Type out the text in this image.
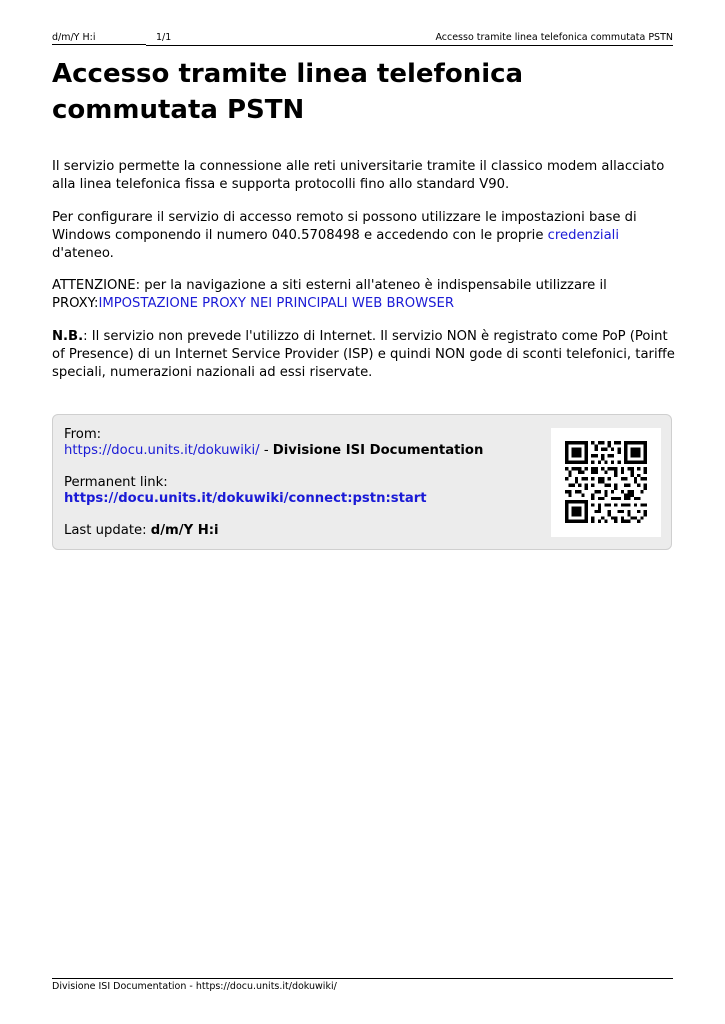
d/m/Y H:i	1/1	Accesso tramite linea telefonica commutata PSTN
Accesso tramite linea telefonica commutata PSTN

Il servizio permette la connessione alle reti universitarie tramite il classico modem allacciato alla linea telefonica fissa e supporta protocolli fino allo standard V90.

Per configurare il servizio di accesso remoto si possono utilizzare le impostazioni base di Windows componendo il numero 040.5708498 e accedendo con le proprie credenziali d'ateneo.

ATTENZIONE: per la navigazione a siti esterni all'ateneo è indispensabile utilizzare il PROXY:IMPOSTAZIONE PROXY NEI PRINCIPALI WEB BROWSER

N.B.: Il servizio non prevede l'utilizzo di Internet. Il servizio NON è registrato come PoP (Point of Presence) di un Internet Service Provider (ISP) e quindi NON gode di sconti telefonici, tariffe speciali, numerazioni nazionali ad essi riservate.

From:
https://docu.units.it/dokuwiki/ - Divisione ISI Documentation

Permanent link:
https://docu.units.it/dokuwiki/connect:pstn:start

Last update: d/m/Y H:i

Divisione ISI Documentation - https://docu.units.it/dokuwiki/
